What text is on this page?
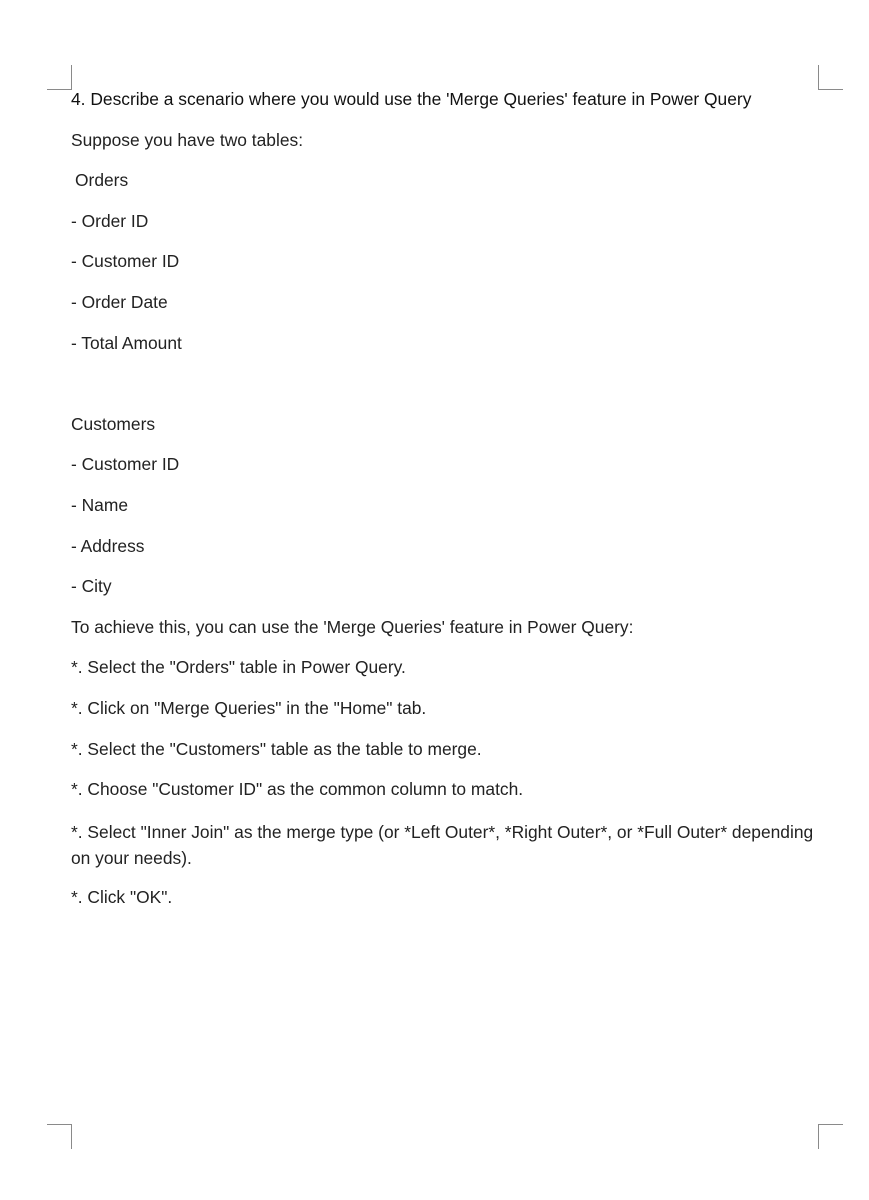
4. Describe a scenario where you would use the 'Merge Queries' feature in Power Query
Suppose you have two tables:
Orders
- Order ID
- Customer ID
- Order Date
- Total Amount
Customers
- Customer ID
- Name
- Address
- City
To achieve this, you can use the 'Merge Queries' feature in Power Query:
*. Select the "Orders" table in Power Query.
*. Click on "Merge Queries" in the "Home" tab.
*. Select the "Customers" table as the table to merge.
*. Choose "Customer ID" as the common column to match.
*. Select "Inner Join" as the merge type (or *Left Outer*, *Right Outer*, or *Full Outer* depending on your needs).
*. Click "OK".
